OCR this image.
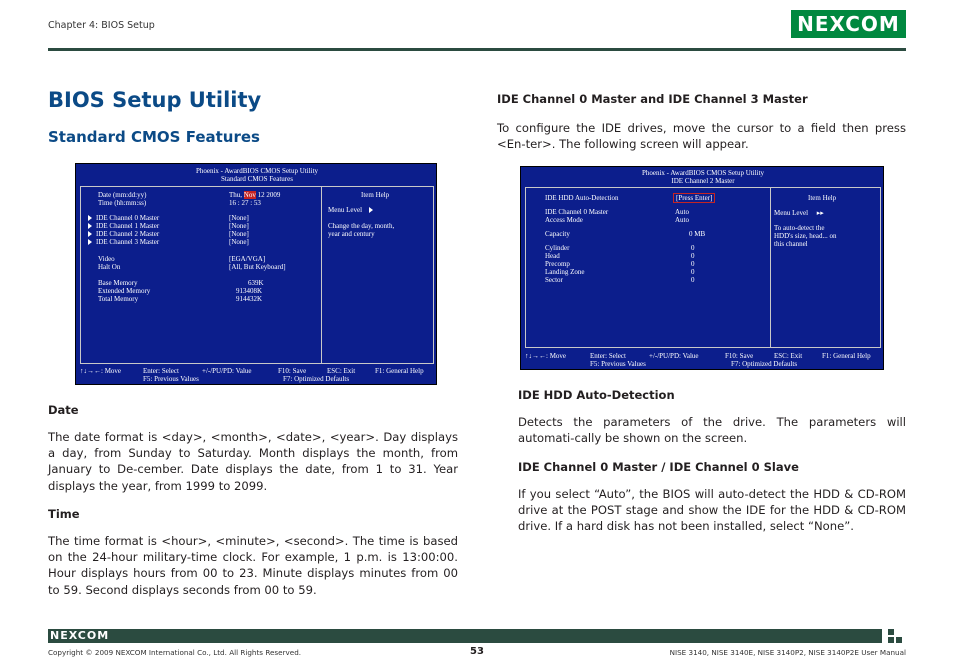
Chapter 4: BIOS Setup	NEXCOM
BIOS Setup Utility
Standard CMOS Features
Phoenix - AwardBIOS CMOS Setup Utility
Standard CMOS Features
Date (mm:dd:yy)	Thu, Nov 12 2009
Time (hh:mm:ss)	16 : 27 : 53
IDE Channel 0 Master	[None]
IDE Channel 1 Master	[None]
IDE Channel 2 Master	[None]
IDE Channel 3 Master	[None]
Video	[EGA/VGA]
Halt On	[All, But Keyboard]
Base Memory	639K
Extended Memory	913408K
Total Memory	914432K
Item Help
Menu Level
Change the day, month,
year and century
↑↓→←: Move	Enter: Select	+/-/PU/PD: Value	F10: Save	ESC: Exit	F1: General Help
F5: Previous Values	F7: Optimized Defaults
Date

The date format is <day>, <month>, <date>, <year>. Day displays a day, from Sunday to Saturday. Month displays the month, from January to De-cember. Date displays the date, from 1 to 31. Year displays the year, from 1999 to 2099.

Time

The time format is <hour>, <minute>, <second>. The time is based on the 24-hour military-time clock. For example, 1 p.m. is 13:00:00. Hour displays hours from 00 to 23. Minute displays minutes from 00 to 59. Second displays seconds from 00 to 59.

IDE Channel 0 Master and IDE Channel 3 Master

To configure the IDE drives, move the cursor to a field then press <En-ter>. The following screen will appear.

Phoenix - AwardBIOS CMOS Setup Utility
IDE Channel 2 Master
IDE HDD Auto-Detection	[Press Enter]
IDE Channel 0 Master	Auto
Access Mode	Auto
Capacity	0 MB
Cylinder	0
Head	0
Precomp	0
Landing Zone	0
Sector	0
Item Help
Menu Level ▸▸
To auto-detect the
HDD's size, head... on
this channel
↑↓→←: Move	Enter: Select	+/-/PU/PD: Value	F10: Save	ESC: Exit	F1: General Help
F5: Previous Values	F7: Optimized Defaults
IDE HDD Auto-Detection

Detects the parameters of the drive. The parameters will automati-cally be shown on the screen.

IDE Channel 0 Master / IDE Channel 0 Slave

If you select “Auto”, the BIOS will auto-detect the HDD & CD-ROM drive at the POST stage and show the IDE for the HDD & CD-ROM drive. If a hard disk has not been installed, select “None”.

NEXCOM
Copyright © 2009 NEXCOM International Co., Ltd. All Rights Reserved.	53	NISE 3140, NISE 3140E, NISE 3140P2, NISE 3140P2E User Manual
